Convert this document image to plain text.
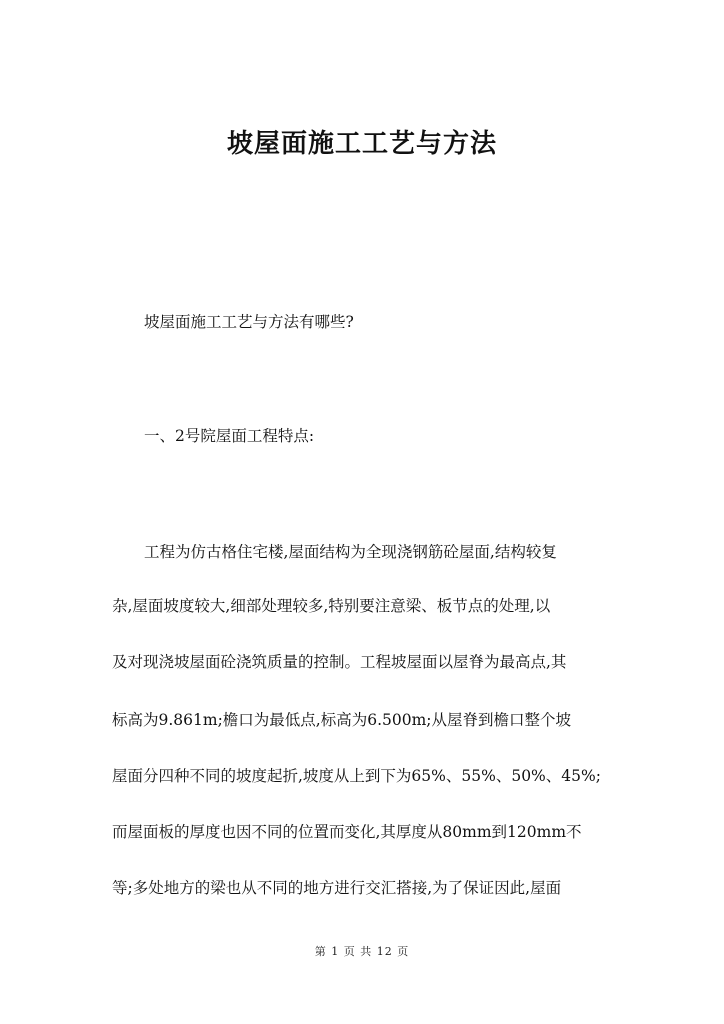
坡屋面施工工艺与方法
坡屋面施工工艺与方法有哪些?
一、2号院屋面工程特点:
工程为仿古格住宅楼,屋面结构为全现浇钢筋砼屋面,结构较复
杂,屋面坡度较大,细部处理较多,特别要注意梁、板节点的处理,以
及对现浇坡屋面砼浇筑质量的控制。工程坡屋面以屋脊为最高点,其
标高为9.861m;檐口为最低点,标高为6.500m;从屋脊到檐口整个坡
屋面分四种不同的坡度起折,坡度从上到下为65%、55%、50%、45%;
而屋面板的厚度也因不同的位置而变化,其厚度从80mm到120mm不
等;多处地方的梁也从不同的地方进行交汇搭接,为了保证因此,屋面
第 1 页 共 12 页
